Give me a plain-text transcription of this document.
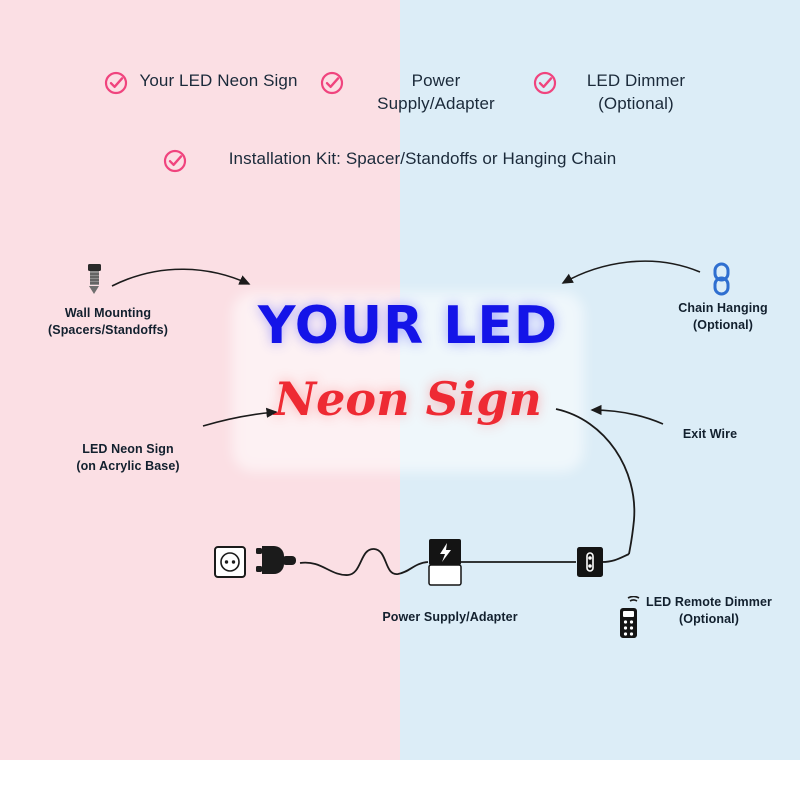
Your LED Neon Sign	Power Supply/Adapter
LED Dimmer (Optional)
Installation Kit: Spacer/Standoffs or Hanging Chain
YOUR LED
Neon Sign
Wall Mounting
(Spacers/Standoffs)
Chain Hanging
(Optional)
LED Neon Sign
(on Acrylic Base)
Exit Wire
Power Supply/Adapter
LED Remote Dimmer
(Optional)
